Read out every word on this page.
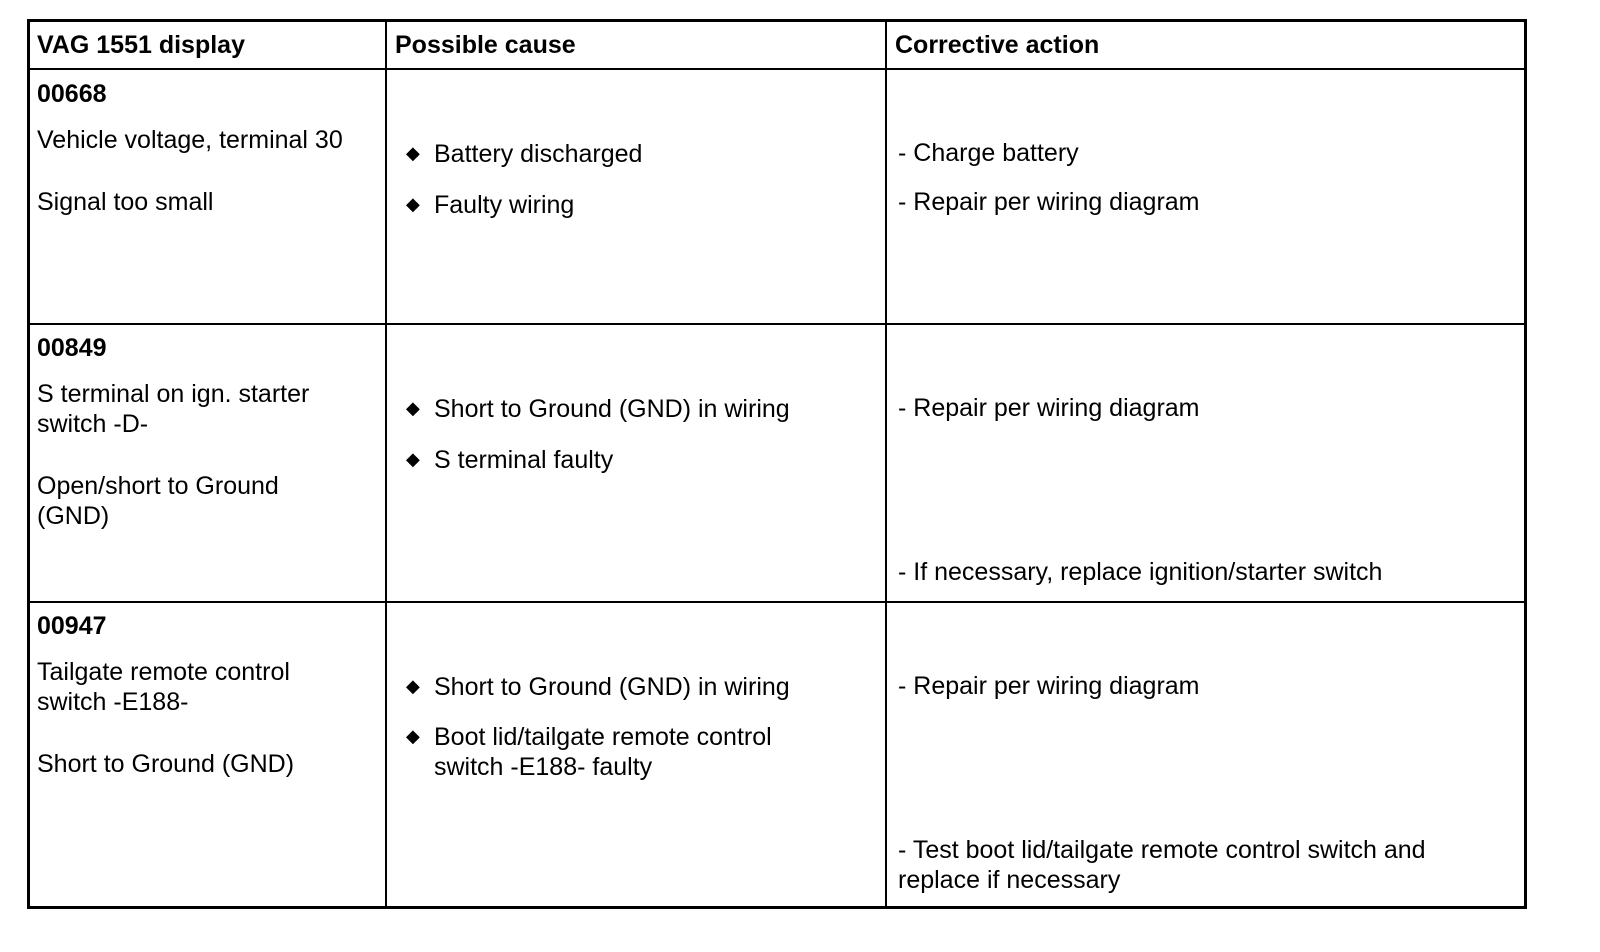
VAG 1551 display	Possible cause	Corrective action
00668
Vehicle voltage, terminal 30
Signal too small
◆ Battery discharged
◆ Faulty wiring
- Charge battery
- Repair per wiring diagram
00849
S terminal on ign. starter
switch -D-
Open/short to Ground
(GND)
◆ Short to Ground (GND) in wiring
◆ S terminal faulty
- Repair per wiring diagram
- If necessary, replace ignition/starter switch
00947
Tailgate remote control
switch -E188-
Short to Ground (GND)
◆ Short to Ground (GND) in wiring
◆ Boot lid/tailgate remote control
switch -E188- faulty
- Repair per wiring diagram
- Test boot lid/tailgate remote control switch and
replace if necessary
